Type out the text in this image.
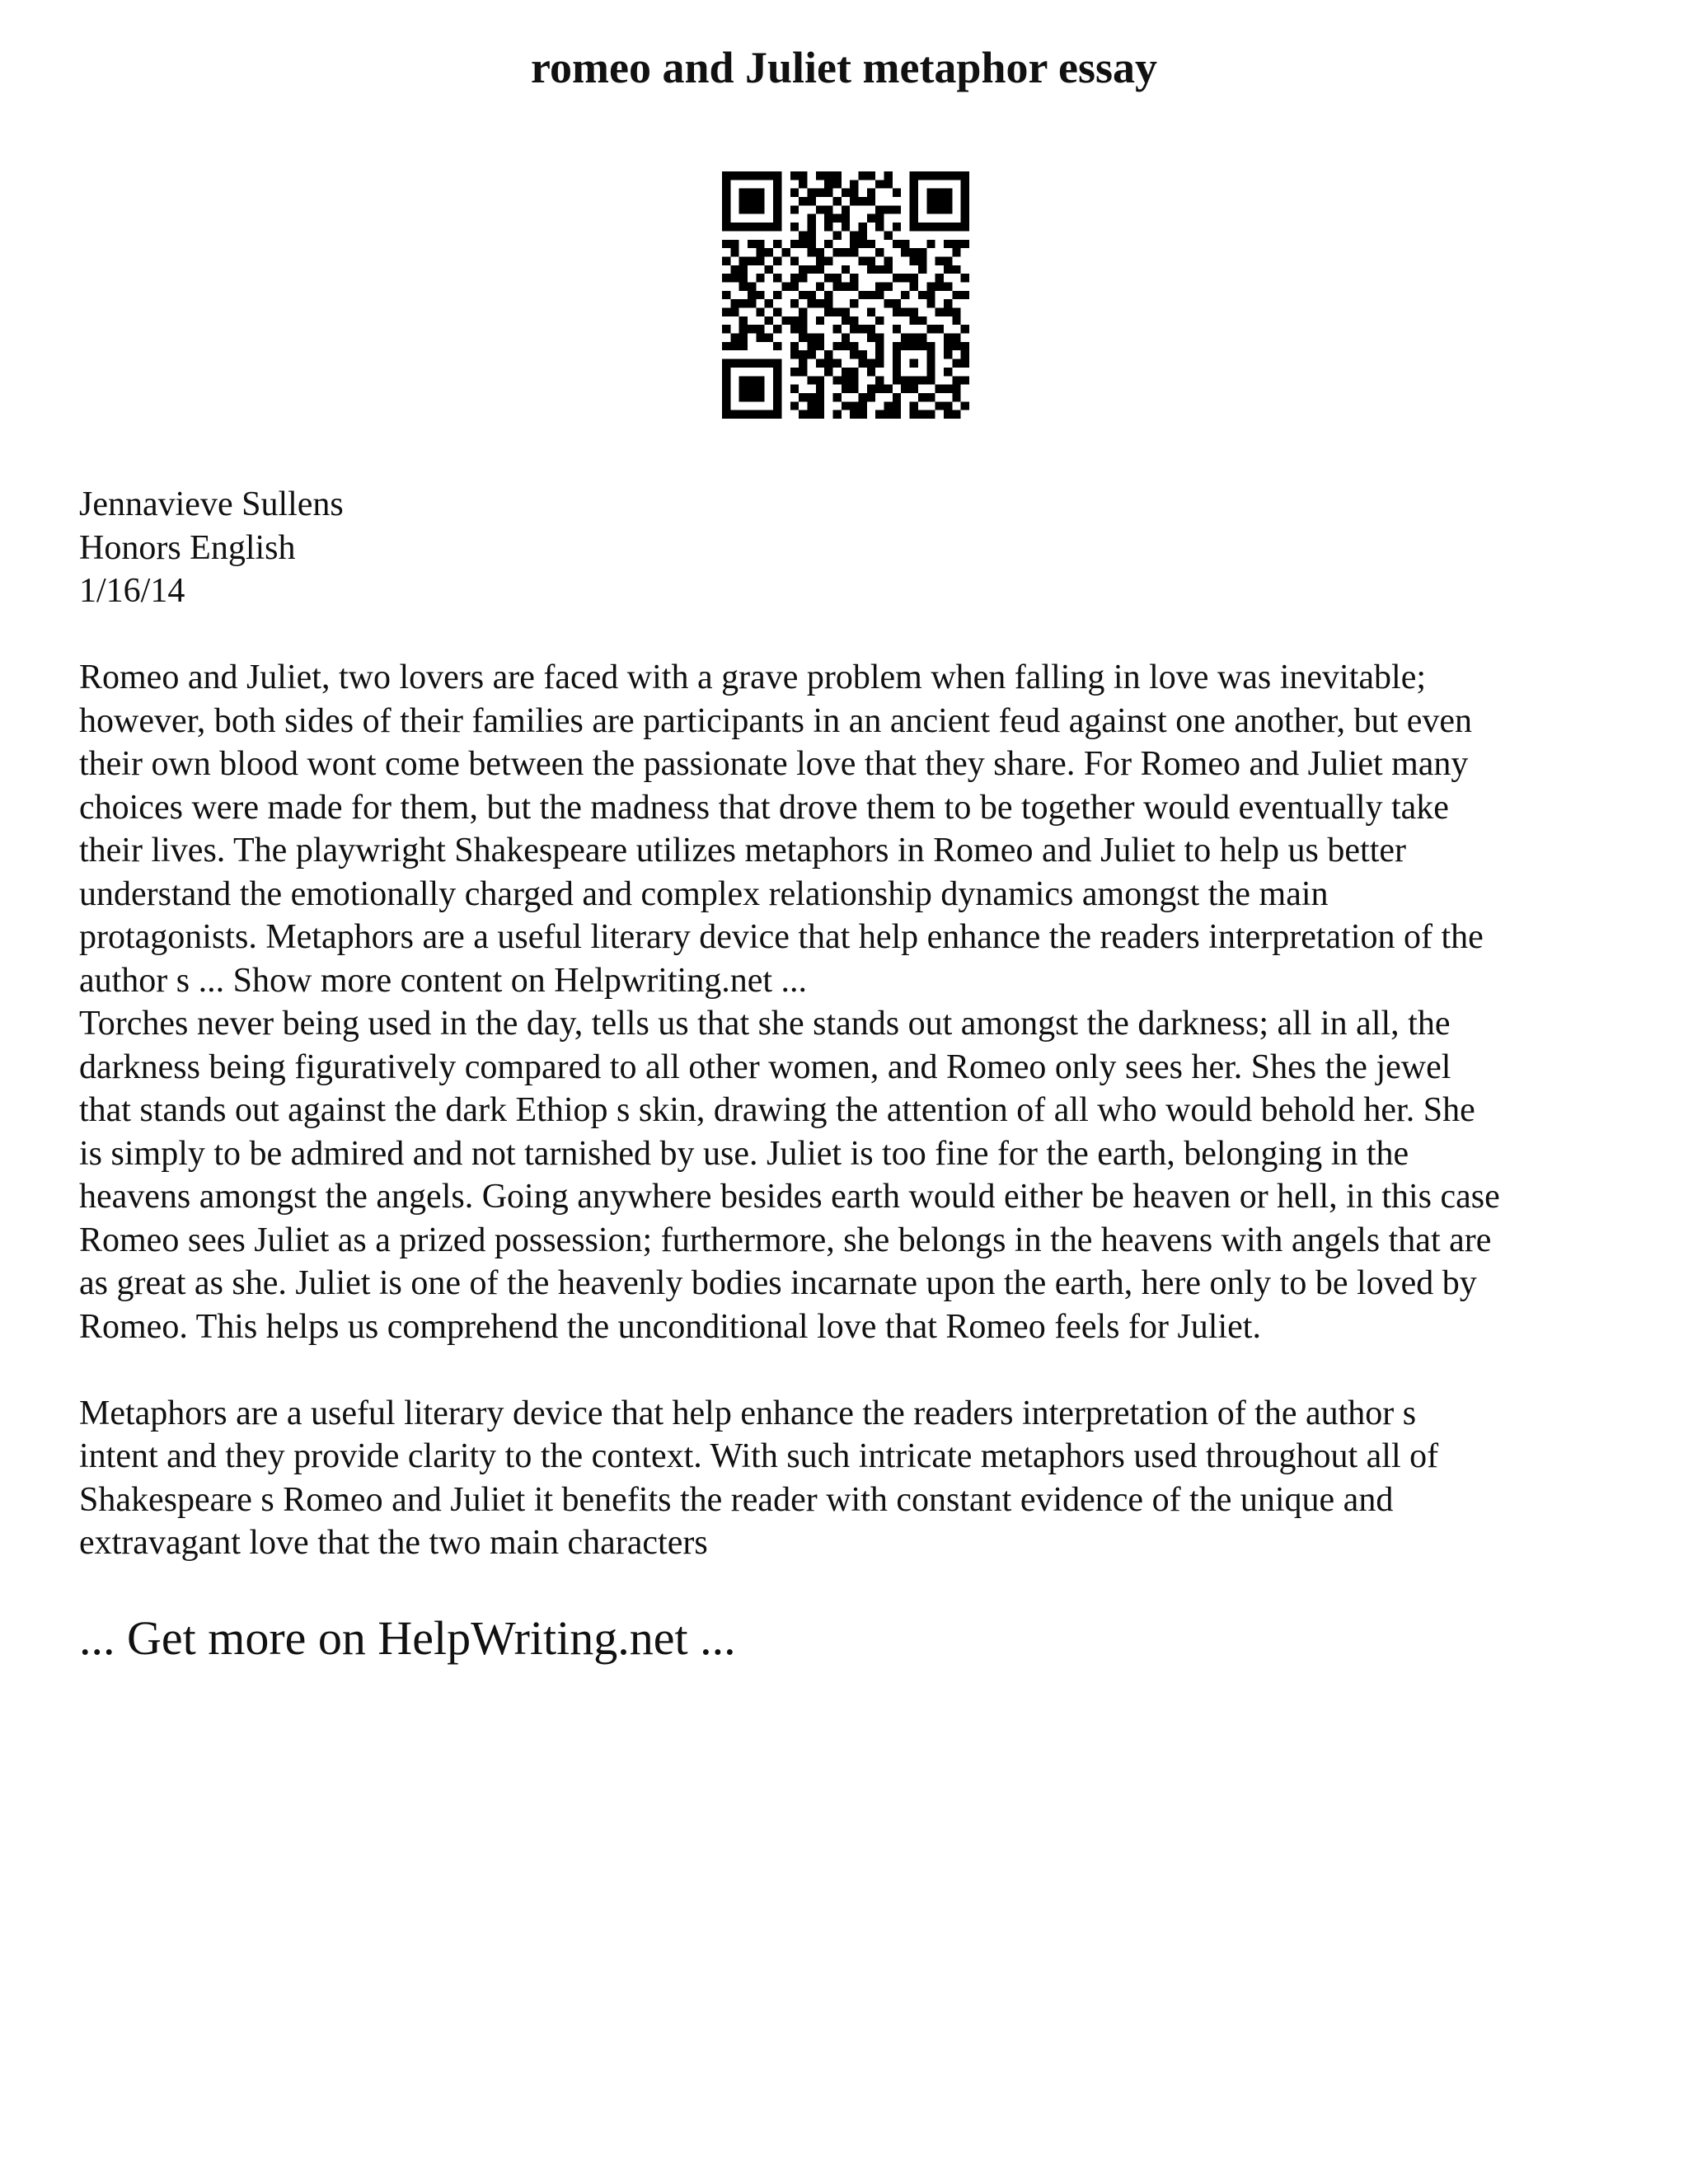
romeo and Juliet metaphor essay
Jennavieve Sullens
Honors English
1/16/14
Romeo and Juliet, two lovers are faced with a grave problem when falling in love was inevitable;
however, both sides of their families are participants in an ancient feud against one another, but even
their own blood wont come between the passionate love that they share. For Romeo and Juliet many
choices were made for them, but the madness that drove them to be together would eventually take
their lives. The playwright Shakespeare utilizes metaphors in Romeo and Juliet to help us better
understand the emotionally charged and complex relationship dynamics amongst the main
protagonists. Metaphors are a useful literary device that help enhance the readers interpretation of the
author s ... Show more content on Helpwriting.net ...
Torches never being used in the day, tells us that she stands out amongst the darkness; all in all, the
darkness being figuratively compared to all other women, and Romeo only sees her. Shes the jewel
that stands out against the dark Ethiop s skin, drawing the attention of all who would behold her. She
is simply to be admired and not tarnished by use. Juliet is too fine for the earth, belonging in the
heavens amongst the angels. Going anywhere besides earth would either be heaven or hell, in this case
Romeo sees Juliet as a prized possession; furthermore, she belongs in the heavens with angels that are
as great as she. Juliet is one of the heavenly bodies incarnate upon the earth, here only to be loved by
Romeo. This helps us comprehend the unconditional love that Romeo feels for Juliet.
Metaphors are a useful literary device that help enhance the readers interpretation of the author s
intent and they provide clarity to the context. With such intricate metaphors used throughout all of
Shakespeare s Romeo and Juliet it benefits the reader with constant evidence of the unique and
extravagant love that the two main characters
... Get more on HelpWriting.net ...
